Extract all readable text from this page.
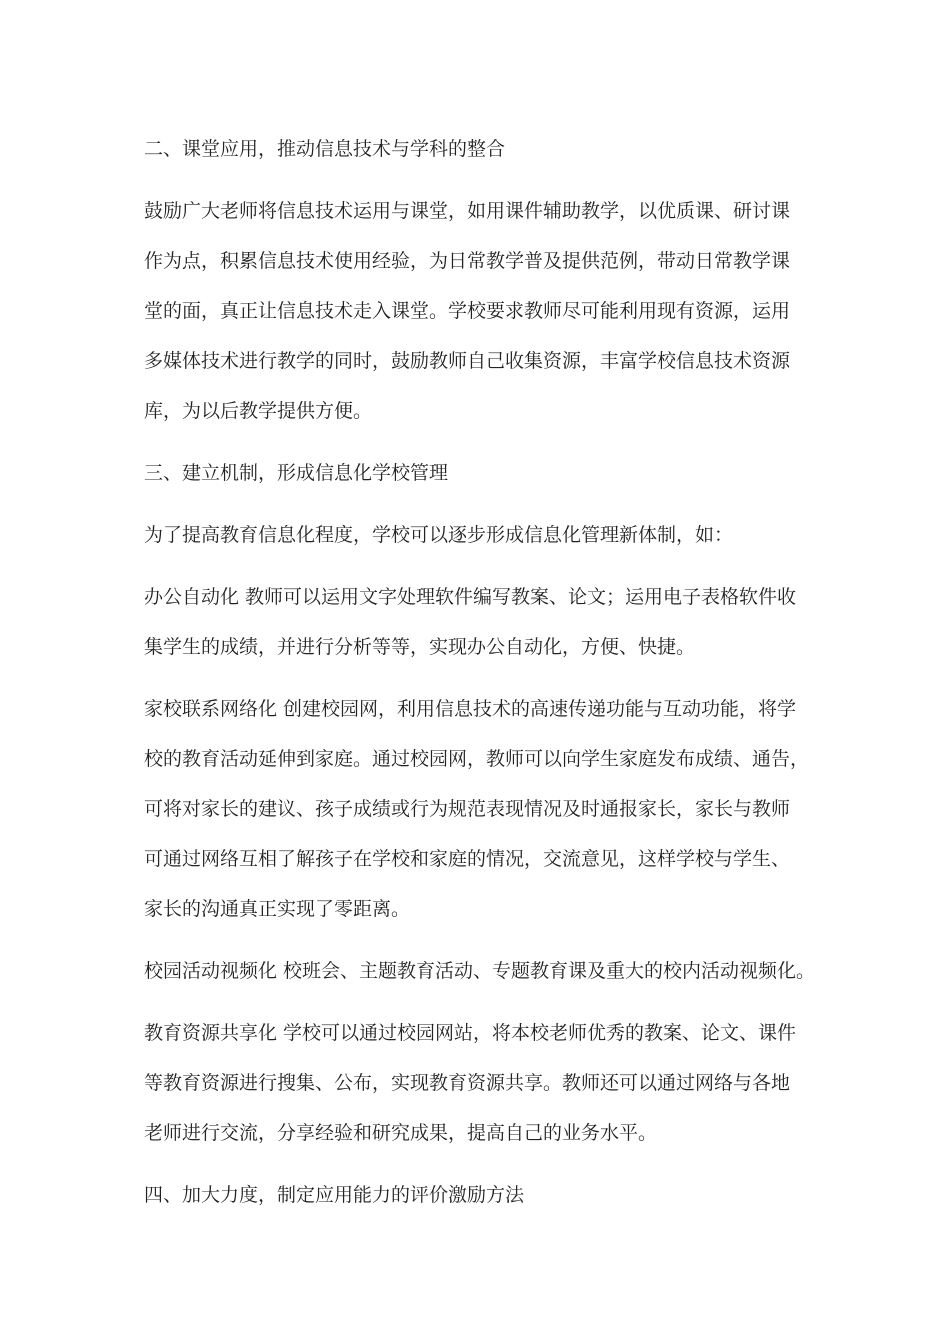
二、课堂应用，推动信息技术与学科的整合

鼓励广大老师将信息技术运用与课堂，如用课件辅助教学，以优质课、研讨课
作为点，积累信息技术使用经验，为日常教学普及提供范例，带动日常教学课
堂的面，真正让信息技术走入课堂。学校要求教师尽可能利用现有资源，运用
多媒体技术进行教学的同时，鼓励教师自己收集资源，丰富学校信息技术资源
库，为以后教学提供方便。

三、建立机制，形成信息化学校管理

为了提高教育信息化程度，学校可以逐步形成信息化管理新体制，如：

办公自动化 教师可以运用文字处理软件编写教案、论文；运用电子表格软件收
集学生的成绩，并进行分析等等，实现办公自动化，方便、快捷。

家校联系网络化 创建校园网，利用信息技术的高速传递功能与互动功能，将学
校的教育活动延伸到家庭。通过校园网，教师可以向学生家庭发布成绩、通告，
可将对家长的建议、孩子成绩或行为规范表现情况及时通报家长，家长与教师
可通过网络互相了解孩子在学校和家庭的情况，交流意见，这样学校与学生、
家长的沟通真正实现了零距离。

校园活动视频化 校班会、主题教育活动、专题教育课及重大的校内活动视频化。

教育资源共享化 学校可以通过校园网站，将本校老师优秀的教案、论文、课件
等教育资源进行搜集、公布，实现教育资源共享。教师还可以通过网络与各地
老师进行交流，分享经验和研究成果，提高自己的业务水平。

四、加大力度，制定应用能力的评价激励方法
